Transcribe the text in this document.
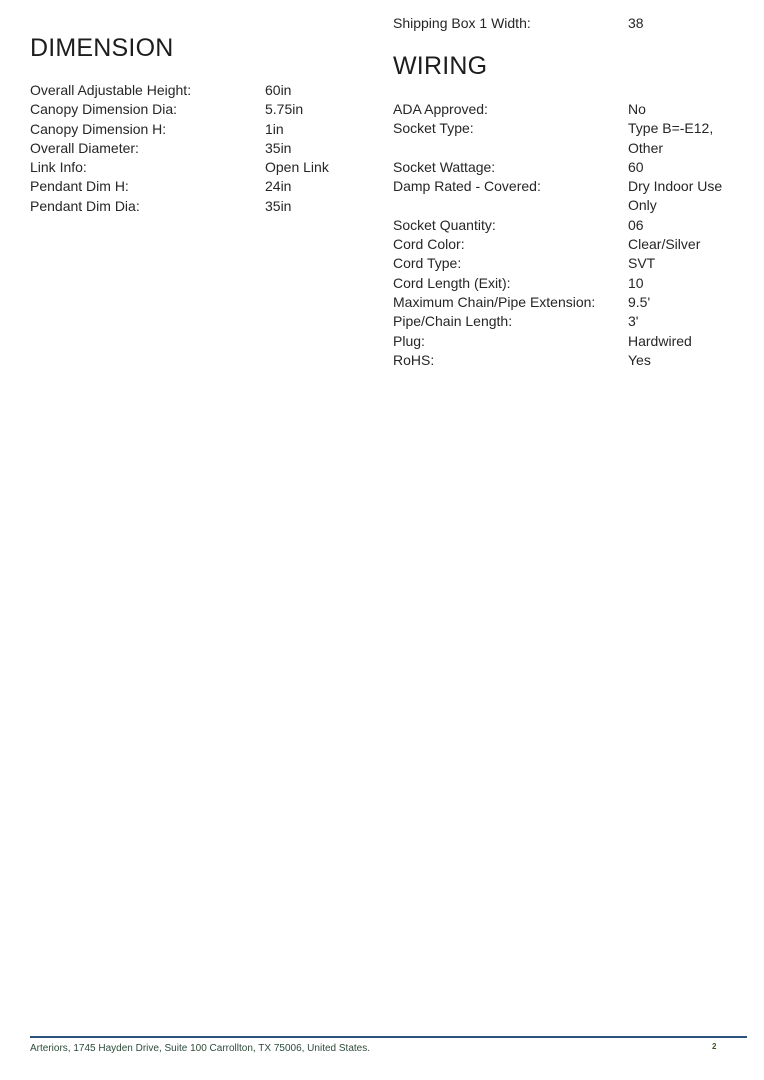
DIMENSION
Overall Adjustable Height:	60in
Canopy Dimension Dia:	5.75in
Canopy Dimension H:	1in
Overall Diameter:	35in
Link Info:	Open Link
Pendant Dim H:	24in
Pendant Dim Dia:	35in
Shipping Box 1 Width:	38
WIRING
ADA Approved:	No
Socket Type:	Type B=-E12, Other
Socket Wattage:	60
Damp Rated - Covered:	Dry Indoor Use Only
Socket Quantity:	06
Cord Color:	Clear/Silver
Cord Type:	SVT
Cord Length (Exit):	10
Maximum Chain/Pipe Extension:	9.5'
Pipe/Chain Length:	3'
Plug:	Hardwired
RoHS:	Yes
Arteriors, 1745 Hayden Drive, Suite 100 Carrollton, TX 75006, United States.	2
